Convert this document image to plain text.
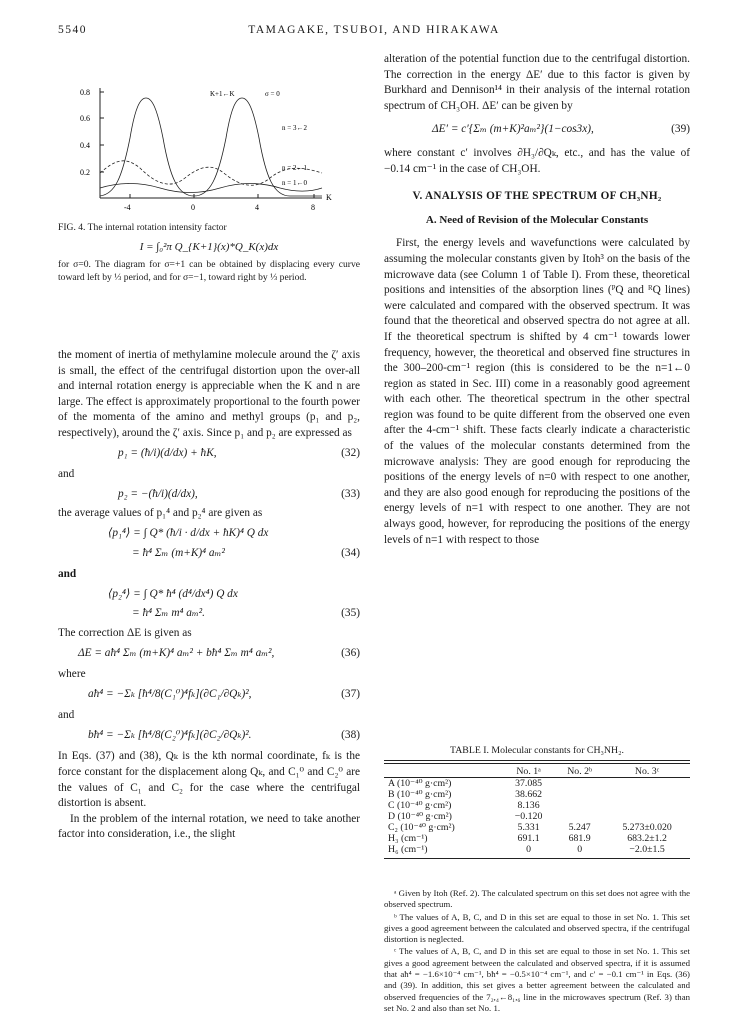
5540	TAMAGAKE, TSUBOI, AND HIRAKAWA
0.8
0.6
0.4
0.2
-4	0	4	8
K
K+1←K	σ = 0
n = 3←2
n = 2←1
n = 1←0
FIG. 4. The internal rotation intensity factor
I = ∫₀²π Q_{K+1}(x)*Q_K(x)dx
for σ=0. The diagram for σ=+1 can be obtained by displacing every curve toward left by ⅓ period, and for σ=−1, toward right by ⅓ period.

the moment of inertia of methylamine molecule around the ζ′ axis is small, the effect of the centrifugal distortion upon the over-all and internal rotation energy is appreciable when the K and n are large. The effect is approximately proportional to the fourth power of the momenta of the amino and methyl groups (p₁ and p₂, respectively), around the ζ′ axis. Since p₁ and p₂ are expressed as

p₁ = (ħ/i)(d/dx) + ħK,	(32)
and
p₂ = −(ħ/i)(d/dx),	(33)

the average values of p₁⁴ and p₂⁴ are given as

⟨p₁⁴⟩ = ∫ Q* (ħ/i · d/dx + ħK)⁴ Q dx
= ħ⁴ Σₘ (m+K)⁴ aₘ²	(34)
and
⟨p₂⁴⟩ = ∫ Q* ħ⁴ (d⁴/dx⁴) Q dx
= ħ⁴ Σₘ m⁴ aₘ².	(35)

The correction ΔE is given as

ΔE = aħ⁴ Σₘ (m+K)⁴ aₘ² + bħ⁴ Σₘ m⁴ aₘ²,	(36)
where
aħ⁴ = −Σₖ [ħ⁴/8(C₁⁰)⁴fₖ](∂C₁/∂Qₖ)²,	(37)
and
bħ⁴ = −Σₖ [ħ⁴/8(C₂⁰)⁴fₖ](∂C₂/∂Qₖ)².	(38)

In Eqs. (37) and (38), Qₖ is the kth normal coordinate, fₖ is the force constant for the displacement along Qₖ, and C₁⁰ and C₂⁰ are the values of C₁ and C₂ for the case where the centrifugal distortion is absent.

In the problem of the internal rotation, we need to take another factor into consideration, i.e., the slight

alteration of the potential function due to the centrifugal distortion. The correction in the energy ΔE′ due to this factor is given by Burkhard and Dennison¹⁴ in their analysis of the internal rotation spectrum of CH₃OH. ΔE′ can be given by

ΔE′ = c′{Σₘ (m+K)²aₘ²}(1−cos3x),	(39)

where constant c′ involves ∂H₃/∂Qₖ, etc., and has the value of −0.14 cm⁻¹ in the case of CH₃OH.

V. ANALYSIS OF THE SPECTRUM OF CH₃NH₂
A. Need of Revision of the Molecular Constants

First, the energy levels and wavefunctions were calculated by assuming the molecular constants given by Itoh³ on the basis of the microwave data (see Column 1 of Table I). From these, theoretical positions and intensities of the absorption lines (ᴾQ and ᴿQ lines) were calculated and compared with the observed spectrum. It was found that the theoretical and observed spectra do not agree at all. If the theoretical spectrum is shifted by 4 cm⁻¹ towards lower frequency, however, the theoretical and observed fine structures in the 300–200-cm⁻¹ region (this is considered to be the n=1←0 region as stated in Sec. III) come in a reasonably good agreement with each other. The theoretical spectrum in the other spectral region was found to be quite different from the observed one even after the 4-cm⁻¹ shift. These facts clearly indicate a characteristic of the values of the molecular constants determined from the microwave analysis: They are good enough for reproducing the positions of the energy levels of n=0 with respect to one another, and they are also good enough for reproducing the positions of the energy levels of n=1 with respect to one another. They are not always good, however, for reproducing the positions of the energy levels of n=1 with respect to those

TABLE I. Molecular constants for CH₃NH₂.
	No. 1ᵃ	No. 2ᵇ	No. 3ᶜ
A (10⁻⁴⁰ g·cm²)	37.085		
B (10⁻⁴⁰ g·cm²)	38.662		
C (10⁻⁴⁰ g·cm²)	8.136		
D (10⁻⁴⁰ g·cm²)	−0.120		
C₂ (10⁻⁴⁰ g·cm²)	5.331	5.247	5.273±0.020
H₃ (cm⁻¹)	691.1	681.9	683.2±1.2
H₆ (cm⁻¹)	0	0	−2.0±1.5

ᵃ Given by Itoh (Ref. 2). The calculated spectrum on this set does not agree with the observed spectrum.

ᵇ The values of A, B, C, and D in this set are equal to those in set No. 1. This set gives a good agreement between the calculated and observed spectra, if the centrifugal distortion is neglected.

ᶜ The values of A, B, C, and D in this set are equal to those in set No. 1. This set gives a good agreement between the calculated and observed spectra, if it is assumed that aħ⁴ = −1.6×10⁻⁴ cm⁻¹, bħ⁴ = −0.5×10⁻⁴ cm⁻¹, and c′ = −0.1 cm⁻¹ in Eqs. (36) and (39). In addition, this set gives a better agreement between the calculated and observed frequencies of the 7₂,₄←8₁,₆ line in the microwaves spectrum (Ref. 3) than set No. 2 and also than set No. 1.
